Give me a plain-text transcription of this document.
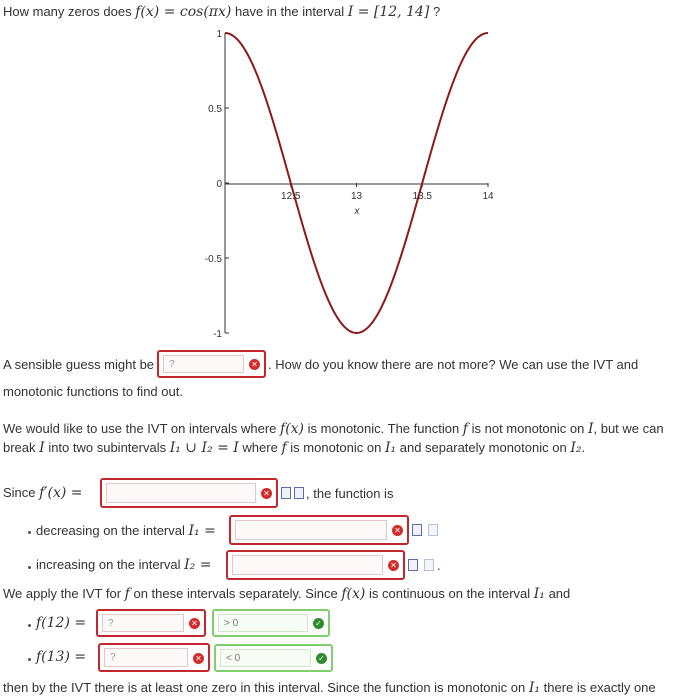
How many zeros does f(x) = cos(πx) have in the interval I = [12, 14] ?
1
0.5
0
-0.5
-1
12.5	13	13.5	14
x
A sensible guess might be	?	✕ . How do you know there are not more? We can use the IVT and
monotonic functions to find out.
We would like to use the IVT on intervals where f(x) is monotonic. The function f is not monotonic on I, but we can
break I into two subintervals I₁ ∪ I₂ = I where f is monotonic on I₁ and separately monotonic on I₂.
Since f′(x) =	✕	, the function is
decreasing on the interval I₁ =	✕
increasing on the interval I₂ =	✕	.
We apply the IVT for f on these intervals separately. Since f(x) is continuous on the interval I₁ and
f(12) =	?	✕	> 0	✓
f(13) =	?	✕	< 0	✓
then by the IVT there is at least one zero in this interval. Since the function is monotonic on I₁ there is exactly one
